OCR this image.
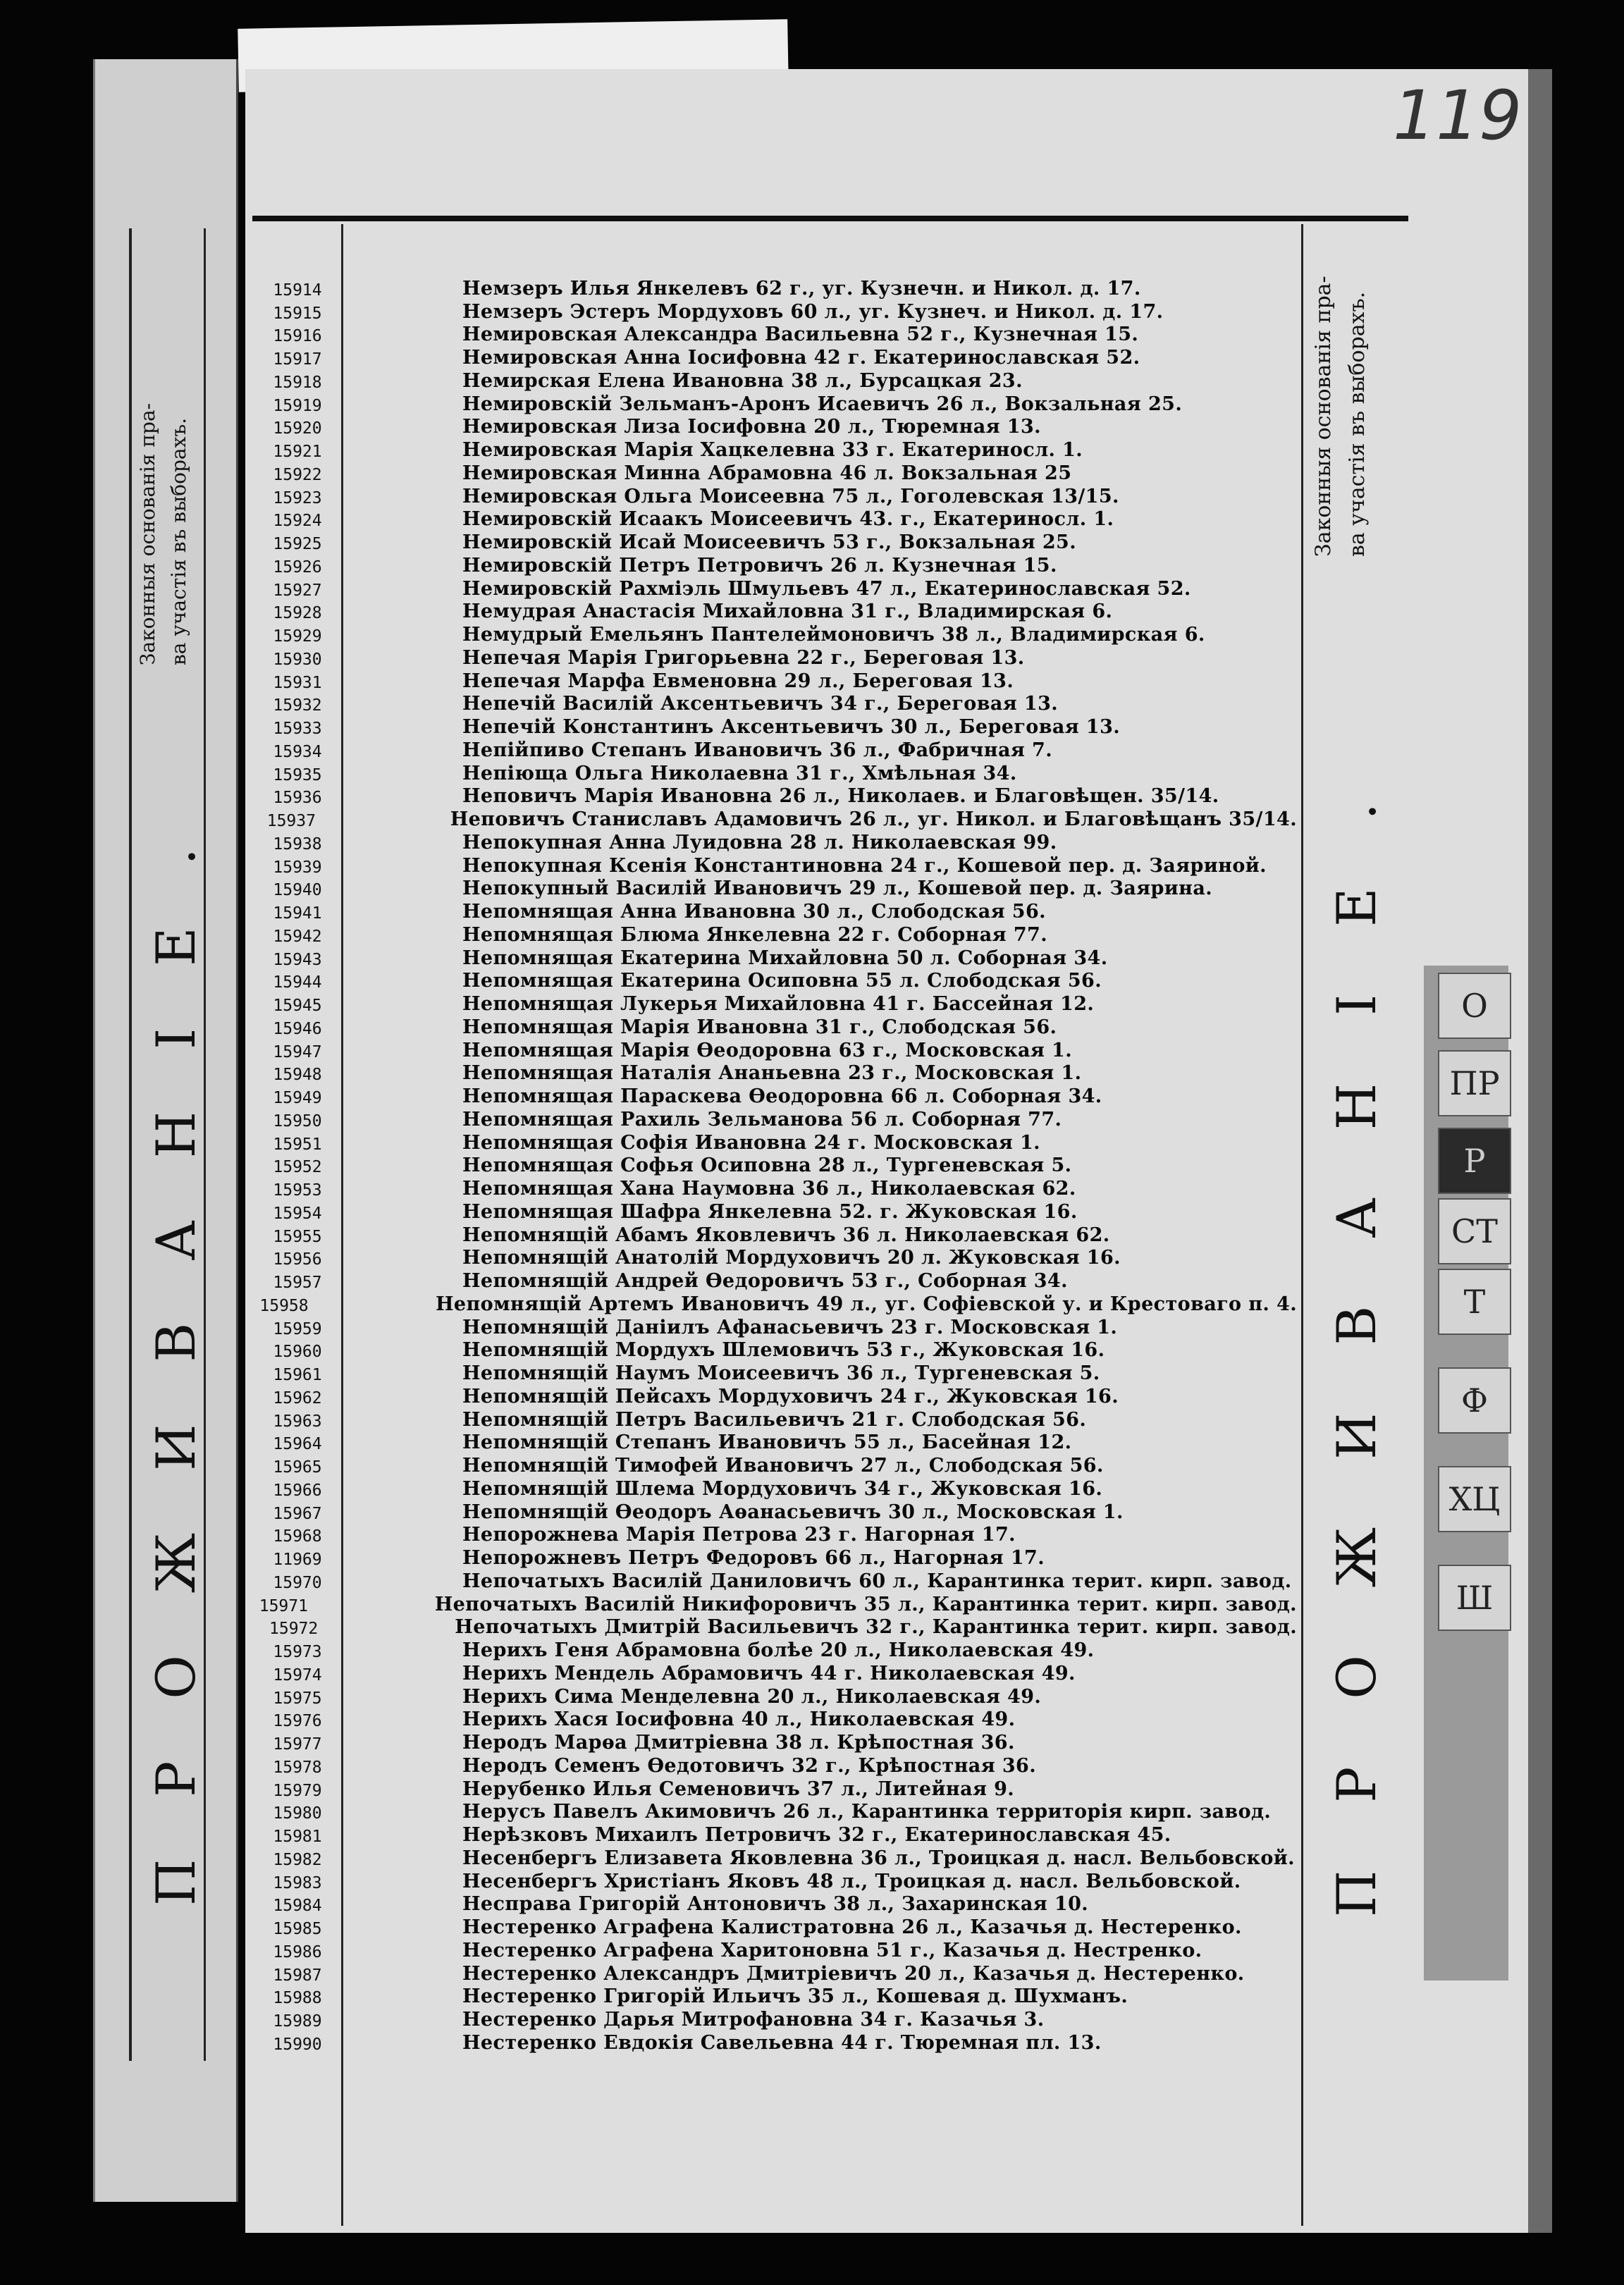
Законныя основанія пра- ва участія въ выборахъ.
ПРОЖИВАНІЕ.
119
15914	Немзеръ Илья Янкелевъ 62 г., уг. Кузнечн. и Никол. д. 17.
15915	Немзеръ Эстеръ Мордуховъ 60 л., уг. Кузнеч. и Никол. д. 17.
15916	Немировская Александра Васильевна 52 г., Кузнечная 15.
15917	Немировская Анна Іосифовна 42 г. Екатеринославская 52.
15918	Немирская Елена Ивановна 38 л., Бурсацкая 23.
15919	Немировскій Зельманъ-Аронъ Исаевичъ 26 л., Вокзальная 25.
15920	Немировская Лиза Іосифовна 20 л., Тюремная 13.
15921	Немировская Марія Хацкелевна 33 г. Екатериносл. 1.
15922	Немировская Минна Абрамовна 46 л. Вокзальная 25
15923	Немировская Ольга Моисеевна 75 л., Гоголевская 13/15.
15924	Немировскій Исаакъ Моисеевичъ 43. г., Екатериносл. 1.
15925	Немировскій Исай Моисеевичъ 53 г., Вокзальная 25.
15926	Немировскій Петръ Петровичъ 26 л. Кузнечная 15.
15927	Немировскій Рахміэль Шмульевъ 47 л., Екатеринославская 52.
15928	Немудрая Анастасія Михайловна 31 г., Владимирская 6.
15929	Немудрый Емельянъ Пантелеймоновичъ 38 л., Владимирская 6.
15930	Непечая Марія Григорьевна 22 г., Береговая 13.
15931	Непечая Марфа Евменовна 29 л., Береговая 13.
15932	Непечій Василій Аксентьевичъ 34 г., Береговая 13.
15933	Непечій Константинъ Аксентьевичъ 30 л., Береговая 13.
15934	Непійпиво Степанъ Ивановичъ 36 л., Фабричная 7.
15935	Непіюща Ольга Николаевна 31 г., Хмѣльная 34.
15936	Неповичъ Марія Ивановна 26 л., Николаев. и Благовѣщен. 35/14.
15937	Неповичъ Станиславъ Адамовичъ 26 л., уг. Никол. и Благовѣщанъ 35/14.
15938	Непокупная Анна Луидовна 28 л. Николаевская 99.
15939	Непокупная Ксенія Константиновна 24 г., Кошевой пер. д. Заяриной.
15940	Непокупный Василій Ивановичъ 29 л., Кошевой пер. д. Заярина.
15941	Непомнящая Анна Ивановна 30 л., Слободская 56.
15942	Непомнящая Блюма Янкелевна 22 г. Соборная 77.
15943	Непомнящая Екатерина Михайловна 50 л. Соборная 34.
15944	Непомнящая Екатерина Осиповна 55 л. Слободская 56.
15945	Непомнящая Лукерья Михайловна 41 г. Бассейная 12.
15946	Непомнящая Марія Ивановна 31 г., Слободская 56.
15947	Непомнящая Марія Ѳеодоровна 63 г., Московская 1.
15948	Непомнящая Наталія Ананьевна 23 г., Московская 1.
15949	Непомнящая Параскева Ѳеодоровна 66 л. Соборная 34.
15950	Непомнящая Рахиль Зельманова 56 л. Соборная 77.
15951	Непомнящая Софія Ивановна 24 г. Московская 1.
15952	Непомнящая Софья Осиповна 28 л., Тургеневская 5.
15953	Непомнящая Хана Наумовна 36 л., Николаевская 62.
15954	Непомнящая Шафра Янкелевна 52. г. Жуковская 16.
15955	Непомнящій Абамъ Яковлевичъ 36 л. Николаевская 62.
15956	Непомнящій Анатолій Мордуховичъ 20 л. Жуковская 16.
15957	Непомнящій Андрей Ѳедоровичъ 53 г., Соборная 34.
15958	Непомнящій Артемъ Ивановичъ 49 л., уг. Софіевской у. и Крестоваго п. 4.
15959	Непомнящій Даніилъ Афанасьевичъ 23 г. Московская 1.
15960	Непомнящій Мордухъ Шлемовичъ 53 г., Жуковская 16.
15961	Непомнящій Наумъ Моисеевичъ 36 л., Тургеневская 5.
15962	Непомнящій Пейсахъ Мордуховичъ 24 г., Жуковская 16.
15963	Непомнящій Петръ Васильевичъ 21 г. Слободская 56.
15964	Непомнящій Степанъ Ивановичъ 55 л., Басейная 12.
15965	Непомнящій Тимофей Ивановичъ 27 л., Слободская 56.
15966	Непомнящій Шлема Мордуховичъ 34 г., Жуковская 16.
15967	Непомнящій Ѳеодоръ Аѳанасьевичъ 30 л., Московская 1.
15968	Непорожнева Марія Петрова 23 г. Нагорная 17.
11969	Непорожневъ Петръ Федоровъ 66 л., Нагорная 17.
15970	Непочатыхъ Василій Даниловичъ 60 л., Карантинка терит. кирп. завод.
15971	Непочатыхъ Василій Никифоровичъ 35 л., Карантинка терит. кирп. завод.
15972	Непочатыхъ Дмитрій Васильевичъ 32 г., Карантинка терит. кирп. завод.
15973	Нерихъ Геня Абрамовна болѣе 20 л., Николаевская 49.
15974	Нерихъ Мендель Абрамовичъ 44 г. Николаевская 49.
15975	Нерихъ Сима Менделевна 20 л., Николаевская 49.
15976	Нерихъ Хася Іосифовна 40 л., Николаевская 49.
15977	Неродъ Марѳа Дмитріевна 38 л. Крѣпостная 36.
15978	Неродъ Семенъ Ѳедотовичъ 32 г., Крѣпостная 36.
15979	Нерубенко Илья Семеновичъ 37 л., Литейная 9.
15980	Нерусъ Павелъ Акимовичъ 26 л., Карантинка территорія кирп. завод.
15981	Нерѣзковъ Михаилъ Петровичъ 32 г., Екатеринославская 45.
15982	Несенбергъ Елизавета Яковлевна 36 л., Троицкая д. насл. Вельбовской.
15983	Несенбергъ Христіанъ Яковъ 48 л., Троицкая д. насл. Вельбовской.
15984	Несправа Григорій Антоновичъ 38 л., Захаринская 10.
15985	Нестеренко Аграфена Калистратовна 26 л., Казачья д. Нестеренко.
15986	Нестеренко Аграфена Харитоновна 51 г., Казачья д. Нестренко.
15987	Нестеренко Александръ Дмитріевичъ 20 л., Казачья д. Нестеренко.
15988	Нестеренко Григорій Ильичъ 35 л., Кошевая д. Шухманъ.
15989	Нестеренко Дарья Митрофановна 34 г. Казачья 3.
15990	Нестеренко Евдокія Савельевна 44 г. Тюремная пл. 13.
Законныя основанія пра- ва участія въ выборахъ.
ПРОЖИВАНІЕ.	О
ПР
Р
СТ
Т
Ф
ХЦ
Ш
